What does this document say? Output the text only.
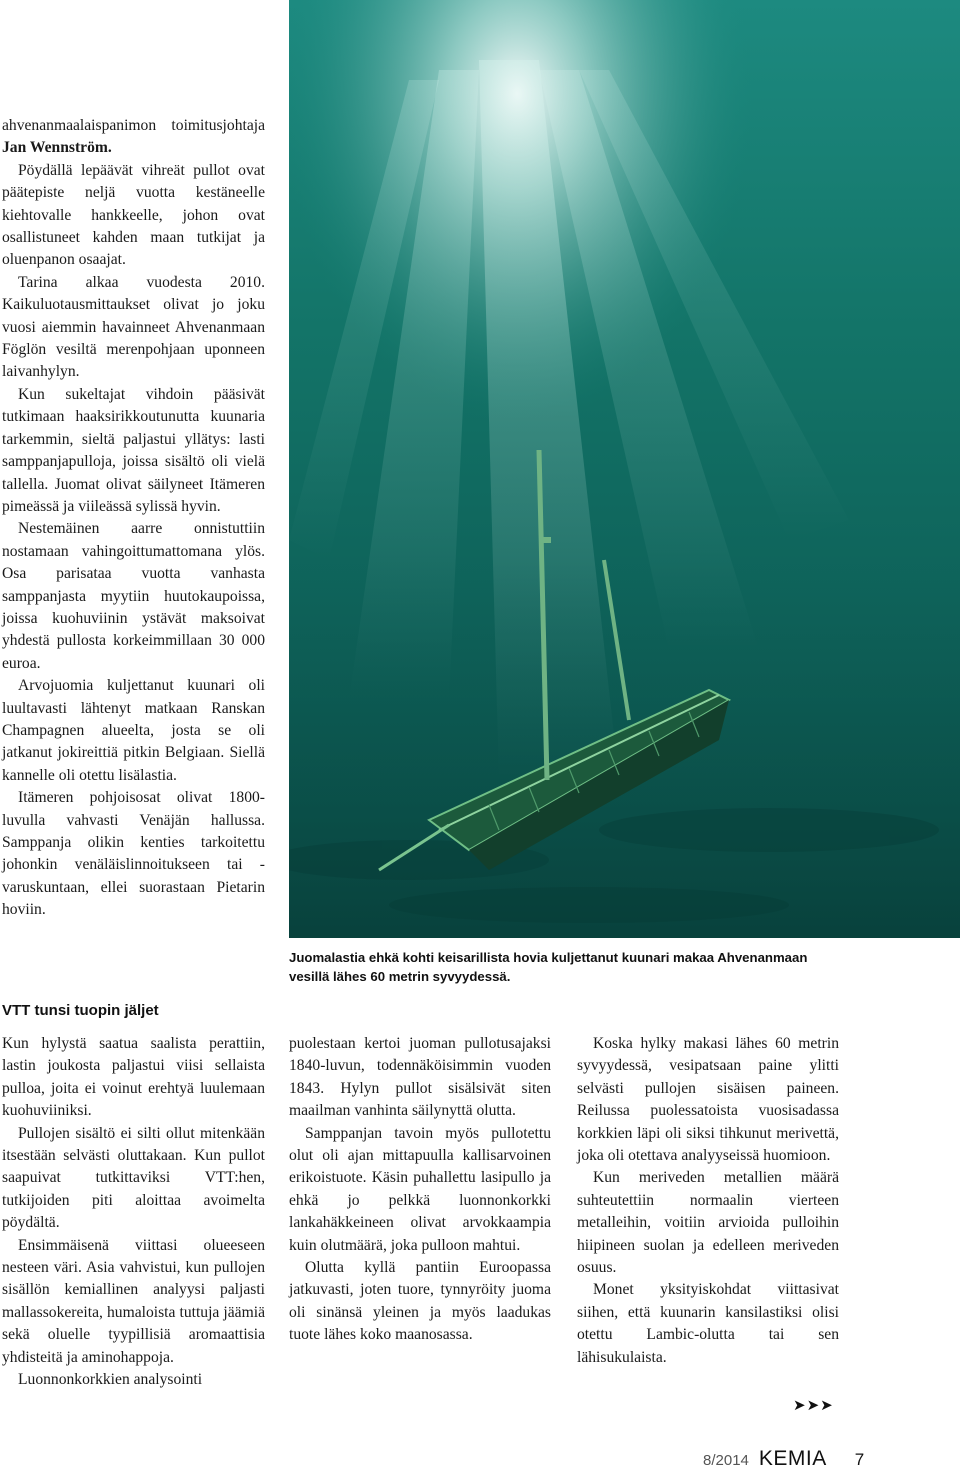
ahvenanmaalaispanimon toimitusjohtaja Jan Wennström.

Pöydällä lepäävät vihreät pullot ovat päätepiste neljä vuotta kestäneelle kiehtovalle hankkeelle, johon ovat osallistuneet kahden maan tutkijat ja oluenpanon osaajat.

Tarina alkaa vuodesta 2010. Kaikuluotausmittaukset olivat jo joku vuosi aiemmin havainneet Ahvenanmaan Föglön vesiltä merenpohjaan uponneen laivanhylyn.

Kun sukeltajat vihdoin pääsivät tutkimaan haaksirikkoutunutta kuunaria tarkemmin, sieltä paljastui yllätys: lasti samppanjapulloja, joissa sisältö oli vielä tallella. Juomat olivat säilyneet Itämeren pimeässä ja viileässä sylissä hyvin.

Nestemäinen aarre onnistuttiin nostamaan vahingoittumattomana ylös. Osa parisataa vuotta vanhasta samppanjasta myytiin huutokaupoissa, joissa kuohuviinin ystävät maksoivat yhdestä pullosta korkeimmillaan 30 000 euroa.

Arvojuomia kuljettanut kuunari oli luultavasti lähtenyt matkaan Ranskan Champagnen alueelta, josta se oli jatkanut jokireittiä pitkin Belgiaan. Siellä kannelle oli otettu lisälastia.

Itämeren pohjoisosat olivat 1800-luvulla vahvasti Venäjän hallussa. Samppanja olikin kenties tarkoitettu johonkin venäläislinnoitukseen tai -varuskuntaan, ellei suorastaan Pietarin hoviin.

Juomalastia ehkä kohti keisarillista hovia kuljettanut kuunari makaa Ahvenanmaan vesillä lähes 60 metrin syvyydessä.
VTT tunsi tuopin jäljet

Kun hylystä saatua saalista perattiin, lastin joukosta paljastui viisi sellaista pulloa, joita ei voinut erehtyä luulemaan kuohuviiniksi.

Pullojen sisältö ei silti ollut mitenkään itsestään selvästi oluttakaan. Kun pullot saapuivat tutkittaviksi VTT:hen, tutkijoiden piti aloittaa avoimelta pöydältä.

Ensimmäisenä viittasi olueeseen nesteen väri. Asia vahvistui, kun pullojen sisällön kemiallinen analyysi paljasti mallassokereita, humaloista tuttuja jäämiä sekä oluelle tyypillisiä aromaattisia yhdisteitä ja aminohappoja.

Luonnonkorkkien analysointi

puolestaan kertoi juoman pullotusajaksi 1840-luvun, todennäköisimmin vuoden 1843. Hylyn pullot sisälsivät siten maailman vanhinta säilynyttä olutta.

Samppanjan tavoin myös pullotettu olut oli ajan mittapuulla kallisarvoinen erikoistuote. Käsin puhallettu lasipullo ja ehkä jo pelkkä luonnonkorkki lankahäkkeineen olivat arvokkaampia kuin olutmäärä, joka pulloon mahtui.

Olutta kyllä pantiin Euroopassa jatkuvasti, joten tuore, tynnyröity juoma oli sinänsä yleinen ja myös laadukas tuote lähes koko maanosassa.

Koska hylky makasi lähes 60 metrin syvyydessä, vesipatsaan paine ylitti selvästi pullojen sisäisen paineen. Reilussa puolessatoista vuosisadassa korkkien läpi oli siksi tihkunut merivettä, joka oli otettava analyyseissä huomioon.

Kun meriveden metallien määrä suhteutettiin normaalin vierteen metalleihin, voitiin arvioida pulloihin hiipineen suolan ja edelleen meriveden osuus.

Monet yksityiskohdat viittasivat siihen, että kuunarin kansilastiksi olisi otettu Lambic-olutta tai sen lähisukulaista.

➤➤➤
8/2014 KEMIA 7
